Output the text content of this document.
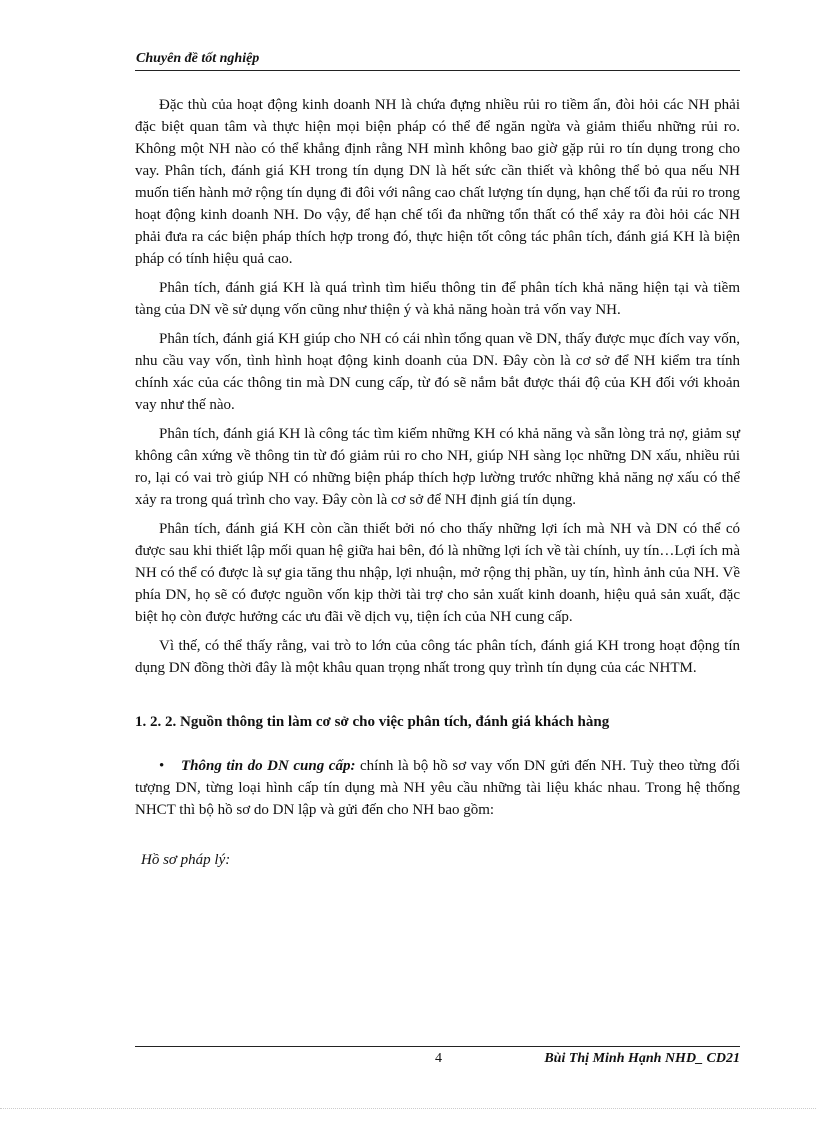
Chuyên đề tốt nghiệp

Đặc thù của hoạt động kinh doanh NH là chứa đựng nhiều rủi ro tiềm ẩn, đòi hỏi các NH phải đặc biệt quan tâm và thực hiện mọi biện pháp có thể để ngăn ngừa và giảm thiểu những rủi ro. Không một NH nào có thể khẳng định rằng NH mình không bao giờ gặp rủi ro tín dụng trong cho vay. Phân tích, đánh giá KH trong tín dụng DN là hết sức cần thiết và không thể bỏ qua nếu NH muốn tiến hành mở rộng tín dụng đi đôi với nâng cao chất lượng tín dụng, hạn chế tối đa rủi ro trong hoạt động kinh doanh NH. Do vậy, để hạn chế tối đa những tổn thất có thể xảy ra đòi hỏi các NH phải đưa ra các biện pháp thích hợp trong đó, thực hiện tốt công tác phân tích, đánh giá KH là biện pháp có tính hiệu quả cao.

Phân tích, đánh giá KH là quá trình tìm hiểu thông tin để phân tích khả năng hiện tại và tiềm tàng của DN về sử dụng vốn cũng như thiện ý và khả năng hoàn trả vốn vay NH.

Phân tích, đánh giá KH giúp cho NH có cái nhìn tổng quan về DN, thấy được mục đích vay vốn, nhu cầu vay vốn, tình hình hoạt động kinh doanh của DN. Đây còn là cơ sở để NH kiểm tra tính chính xác của các thông tin mà DN cung cấp, từ đó sẽ nắm bắt được thái độ của KH đối với khoản vay như thế nào.

Phân tích, đánh giá KH là công tác tìm kiếm những KH có khả năng và sẵn lòng trả nợ, giảm sự không cân xứng về thông tin từ đó giảm rủi ro cho NH, giúp NH sàng lọc những DN xấu, nhiều rủi ro, lại có vai trò giúp NH có những biện pháp thích hợp lường trước những khả năng nợ xấu có thể xảy ra trong quá trình cho vay. Đây còn là cơ sở để NH định giá tín dụng.

Phân tích, đánh giá KH còn cần thiết bởi nó cho thấy những lợi ích mà NH và DN có thể có được sau khi thiết lập mối quan hệ giữa hai bên, đó là những lợi ích về tài chính, uy tín…Lợi ích mà NH có thể có được là sự gia tăng thu nhập, lợi nhuận, mở rộng thị phần, uy tín, hình ảnh của NH. Về phía DN, họ sẽ có được nguồn vốn kịp thời tài trợ cho sản xuất kinh doanh, hiệu quả sản xuất, đặc biệt họ còn được hưởng các ưu đãi về dịch vụ, tiện ích của NH cung cấp.

Vì thế, có thể thấy rằng, vai trò to lớn của công tác phân tích, đánh giá KH trong hoạt động tín dụng DN đồng thời đây là một khâu quan trọng nhất trong quy trình tín dụng của các NHTM.

1. 2. 2. Nguồn thông tin làm cơ sở cho việc phân tích, đánh giá khách hàng

• Thông tin do DN cung cấp: chính là bộ hồ sơ vay vốn DN gửi đến NH. Tuỳ theo từng đối tượng DN, từng loại hình cấp tín dụng mà NH yêu cầu những tài liệu khác nhau. Trong hệ thống NHCT thì bộ hồ sơ do DN lập và gửi đến cho NH bao gồm:

Hồ sơ pháp lý:
4	Bùi Thị Minh Hạnh NHD_ CD21
